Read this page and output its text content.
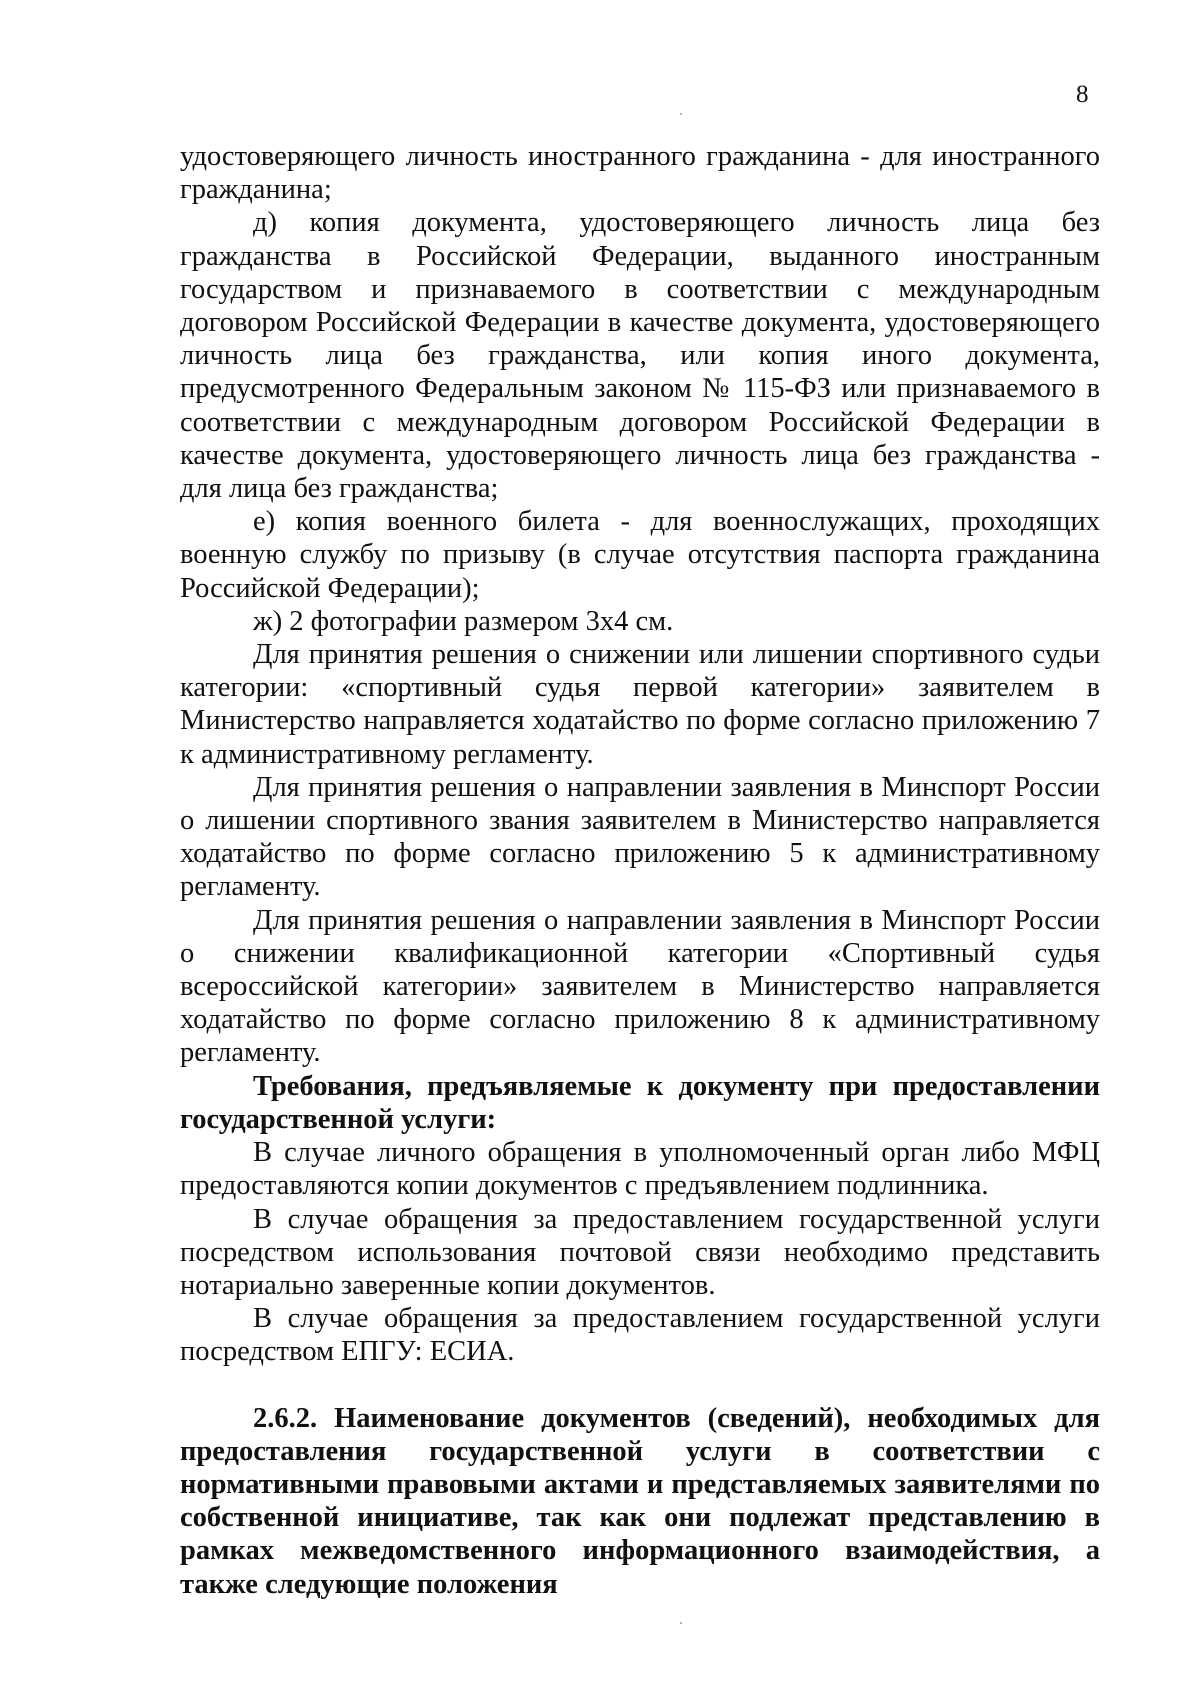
8

удостоверяющего личность иностранного гражданина - для иностранного гражданина;

д) копия документа, удостоверяющего личность лица без гражданства в Российской Федерации, выданного иностранным государством и признаваемого в соответствии с международным договором Российской Федерации в качестве документа, удостоверяющего личность лица без гражданства, или копия иного документа, предусмотренного Федеральным законом № 115-ФЗ или признаваемого в соответствии с международным договором Российской Федерации в качестве документа, удостоверяющего личность лица без гражданства - для лица без гражданства;

е) копия военного билета - для военнослужащих, проходящих военную службу по призыву (в случае отсутствия паспорта гражданина Российской Федерации);

ж) 2 фотографии размером 3х4 см.

Для принятия решения о снижении или лишении спортивного судьи категории: «спортивный судья первой категории» заявителем в Министерство направляется ходатайство по форме согласно приложению 7 к административному регламенту.

Для принятия решения о направлении заявления в Минспорт России о лишении спортивного звания заявителем в Министерство направляется ходатайство по форме согласно приложению 5 к административному регламенту.

Для принятия решения о направлении заявления в Минспорт России о снижении квалификационной категории «Спортивный судья всероссийской категории» заявителем в Министерство направляется ходатайство по форме согласно приложению 8 к административному регламенту.

Требования, предъявляемые к документу при предоставлении государственной услуги:

В случае личного обращения в уполномоченный орган либо МФЦ предоставляются копии документов с предъявлением подлинника.

В случае обращения за предоставлением государственной услуги посредством использования почтовой связи необходимо представить нотариально заверенные копии документов.

В случае обращения за предоставлением государственной услуги посредством ЕПГУ: ЕСИА.

2.6.2. Наименование документов (сведений), необходимых для предоставления государственной услуги в соответствии с нормативными правовыми актами и представляемых заявителями по собственной инициативе, так как они подлежат представлению в рамках межведомственного информационного взаимодействия, а также следующие положения
